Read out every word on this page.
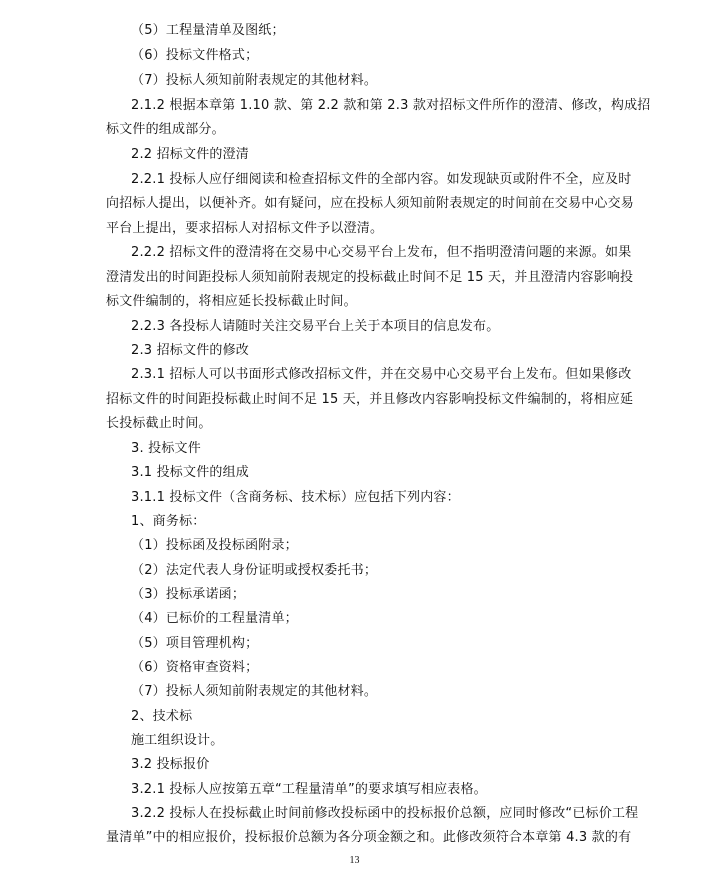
（5）工程量清单及图纸；
（6）投标文件格式；
（7）投标人须知前附表规定的其他材料。
2.1.2 根据本章第 1.10 款、第 2.2 款和第 2.3 款对招标文件所作的澄清、修改，构成招
标文件的组成部分。
2.2 招标文件的澄清
2.2.1 投标人应仔细阅读和检查招标文件的全部内容。如发现缺页或附件不全，应及时
向招标人提出，以便补齐。如有疑问，应在投标人须知前附表规定的时间前在交易中心交易
平台上提出，要求招标人对招标文件予以澄清。
2.2.2 招标文件的澄清将在交易中心交易平台上发布，但不指明澄清问题的来源。如果
澄清发出的时间距投标人须知前附表规定的投标截止时间不足 15 天，并且澄清内容影响投
标文件编制的，将相应延长投标截止时间。
2.2.3 各投标人请随时关注交易平台上关于本项目的信息发布。
2.3 招标文件的修改
2.3.1 招标人可以书面形式修改招标文件，并在交易中心交易平台上发布。但如果修改
招标文件的时间距投标截止时间不足 15 天，并且修改内容影响投标文件编制的，将相应延
长投标截止时间。
3. 投标文件
3.1 投标文件的组成
3.1.1 投标文件（含商务标、技术标）应包括下列内容：
1、商务标：
（1）投标函及投标函附录；
（2）法定代表人身份证明或授权委托书；
（3）投标承诺函；
（4）已标价的工程量清单；
（5）项目管理机构；
（6）资格审查资料；
（7）投标人须知前附表规定的其他材料。
2、技术标
施工组织设计。
3.2 投标报价
3.2.1 投标人应按第五章“工程量清单”的要求填写相应表格。
3.2.2 投标人在投标截止时间前修改投标函中的投标报价总额，应同时修改“已标价工程
量清单”中的相应报价，投标报价总额为各分项金额之和。此修改须符合本章第 4.3 款的有
13
